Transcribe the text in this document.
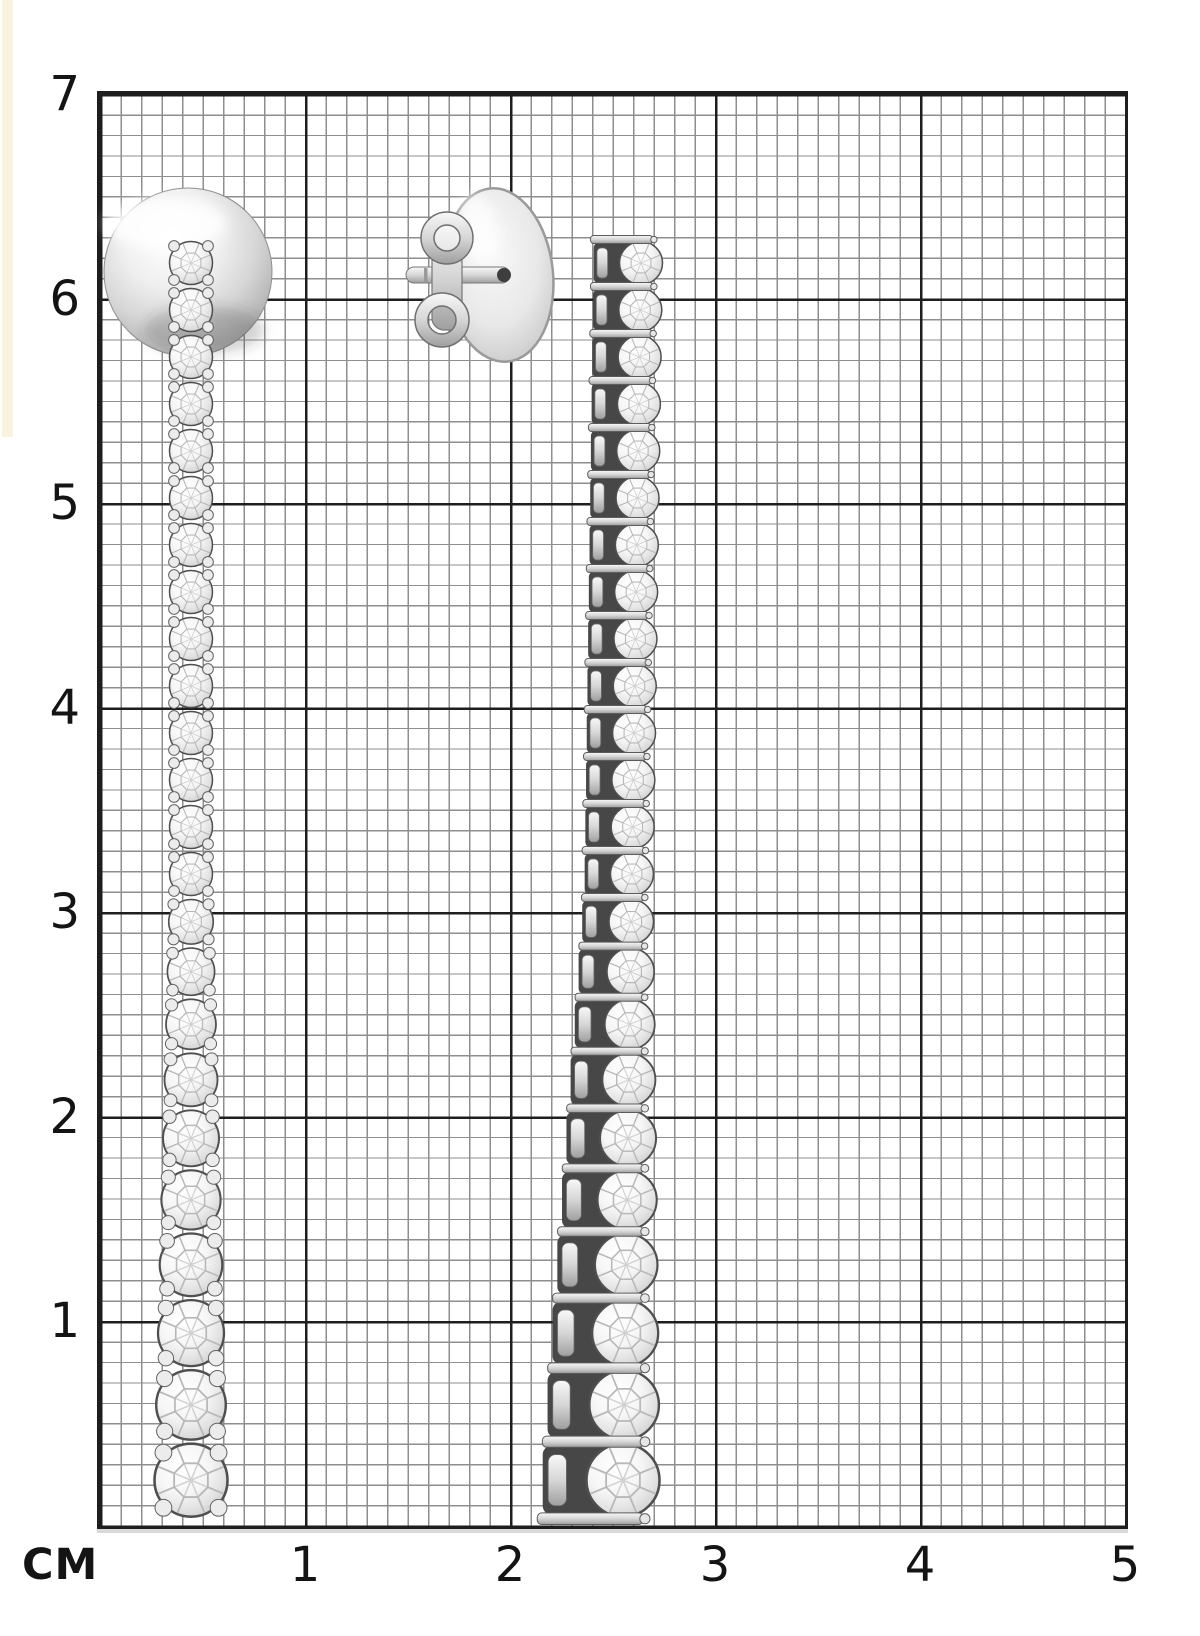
7
6
5
4
3
2
1
1	2	3	4	5
СМ
